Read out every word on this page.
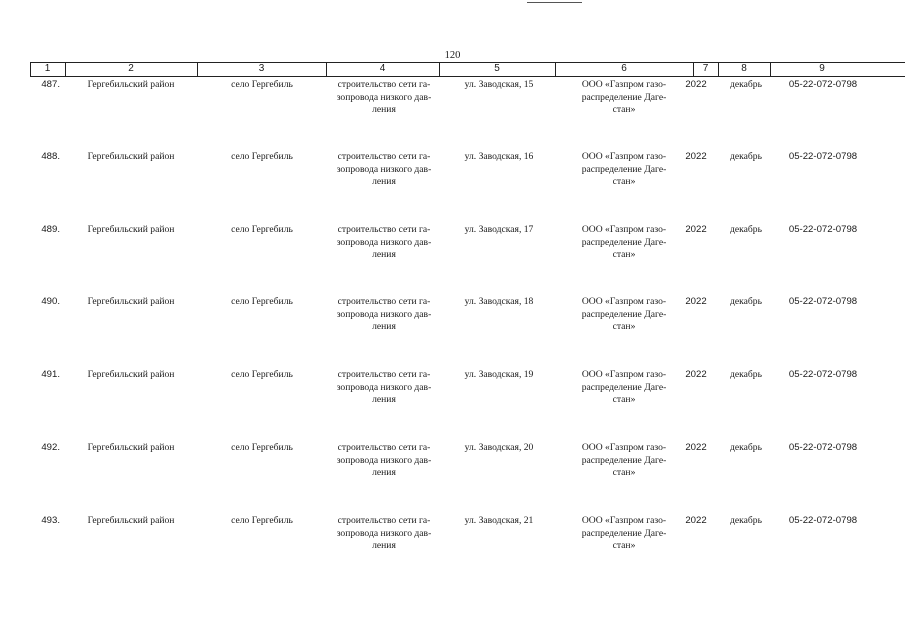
120
1	2	3	4	5	6	7	8	9
487.	Гергебильский район	село Гергебиль	строительство сети га-
зопровода низкого дав-
ления
ул. Заводская, 15	ООО «Газпром газо-
распределение Даге-
стан»
2022	декабрь	05-22-072-0798
488.	Гергебильский район	село Гергебиль	строительство сети га-
зопровода низкого дав-
ления
ул. Заводская, 16	ООО «Газпром газо-
распределение Даге-
стан»
2022	декабрь	05-22-072-0798
489.	Гергебильский район	село Гергебиль	строительство сети га-
зопровода низкого дав-
ления
ул. Заводская, 17	ООО «Газпром газо-
распределение Даге-
стан»
2022	декабрь	05-22-072-0798
490.	Гергебильский район	село Гергебиль	строительство сети га-
зопровода низкого дав-
ления
ул. Заводская, 18	ООО «Газпром газо-
распределение Даге-
стан»
2022	декабрь	05-22-072-0798
491.	Гергебильский район	село Гергебиль	строительство сети га-
зопровода низкого дав-
ления
ул. Заводская, 19	ООО «Газпром газо-
распределение Даге-
стан»
2022	декабрь	05-22-072-0798
492.	Гергебильский район	село Гергебиль	строительство сети га-
зопровода низкого дав-
ления
ул. Заводская, 20	ООО «Газпром газо-
распределение Даге-
стан»
2022	декабрь	05-22-072-0798
493.	Гергебильский район	село Гергебиль	строительство сети га-
зопровода низкого дав-
ления
ул. Заводская, 21	ООО «Газпром газо-
распределение Даге-
стан»
2022	декабрь	05-22-072-0798
